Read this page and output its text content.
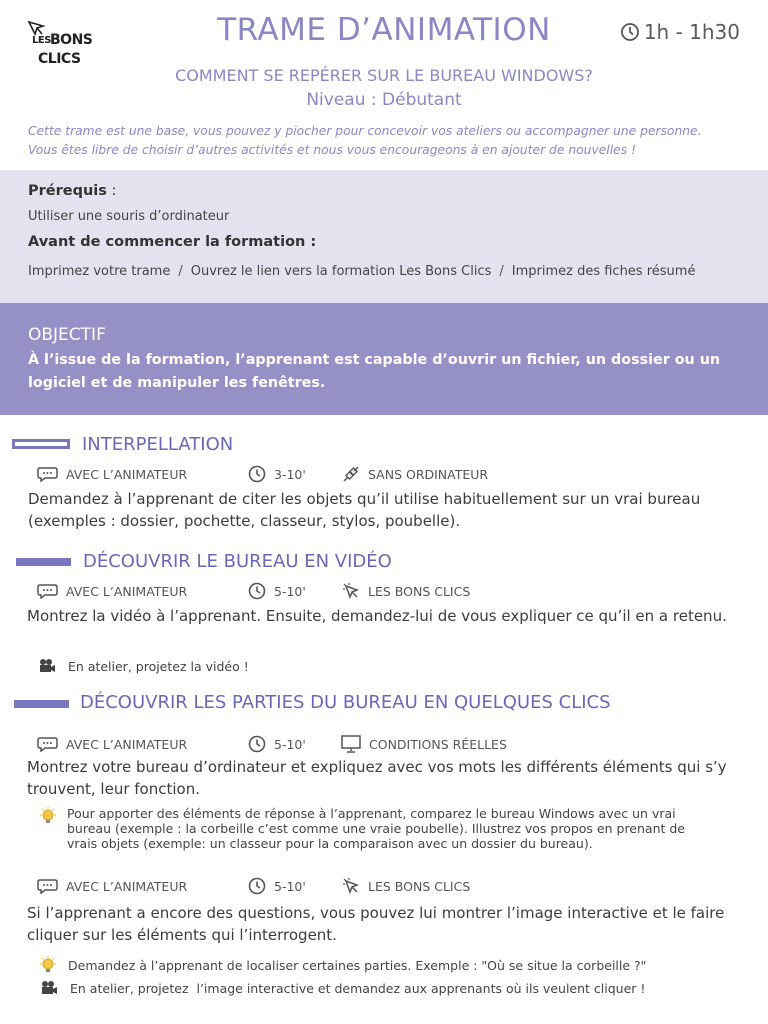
LES BONS
CLICS
TRAME D’ANIMATION	1h - 1h30
COMMENT SE REPÉRER SUR LE BUREAU WINDOWS?
Niveau : Débutant
Cette trame est une base, vous pouvez y piocher pour concevoir vos ateliers ou accompagner une personne.
Vous êtes libre de choisir d’autres activités et nous vous encourageons à en ajouter de nouvelles !
Prérequis :
Utiliser une souris d’ordinateur
Avant de commencer la formation :
Imprimez votre trame / Ouvrez le lien vers la formation Les Bons Clics / Imprimez des fiches résumé
OBJECTIF
À l’issue de la formation, l’apprenant est capable d’ouvrir un fichier, un dossier ou un logiciel et de manipuler les fenêtres.
INTERPELLATION
AVEC L’ANIMATEUR	3-10'	SANS ORDINATEUR
Demandez à l’apprenant de citer les objets qu’il utilise habituellement sur un vrai bureau (exemples : dossier, pochette, classeur, stylos, poubelle).
DÉCOUVRIR LE BUREAU EN VIDÉO
AVEC L’ANIMATEUR	5-10'	LES BONS CLICS
Montrez la vidéo à l’apprenant. Ensuite, demandez-lui de vous expliquer ce qu’il en a retenu.
En atelier, projetez la vidéo !
DÉCOUVRIR LES PARTIES DU BUREAU EN QUELQUES CLICS
AVEC L’ANIMATEUR	5-10'	CONDITIONS RÉELLES
Montrez votre bureau d’ordinateur et expliquez avec vos mots les différents éléments qui s’y trouvent, leur fonction.
Pour apporter des éléments de réponse à l’apprenant, comparez le bureau Windows avec un vrai bureau (exemple : la corbeille c’est comme une vraie poubelle). Illustrez vos propos en prenant de vrais objets (exemple: un classeur pour la comparaison avec un dossier du bureau).
AVEC L’ANIMATEUR	5-10'	LES BONS CLICS
Si l’apprenant a encore des questions, vous pouvez lui montrer l’image interactive et le faire cliquer sur les éléments qui l’interrogent.
Demandez à l’apprenant de localiser certaines parties. Exemple : "Où se situe la corbeille ?"
En atelier, projetez  l’image interactive et demandez aux apprenants où ils veulent cliquer !
